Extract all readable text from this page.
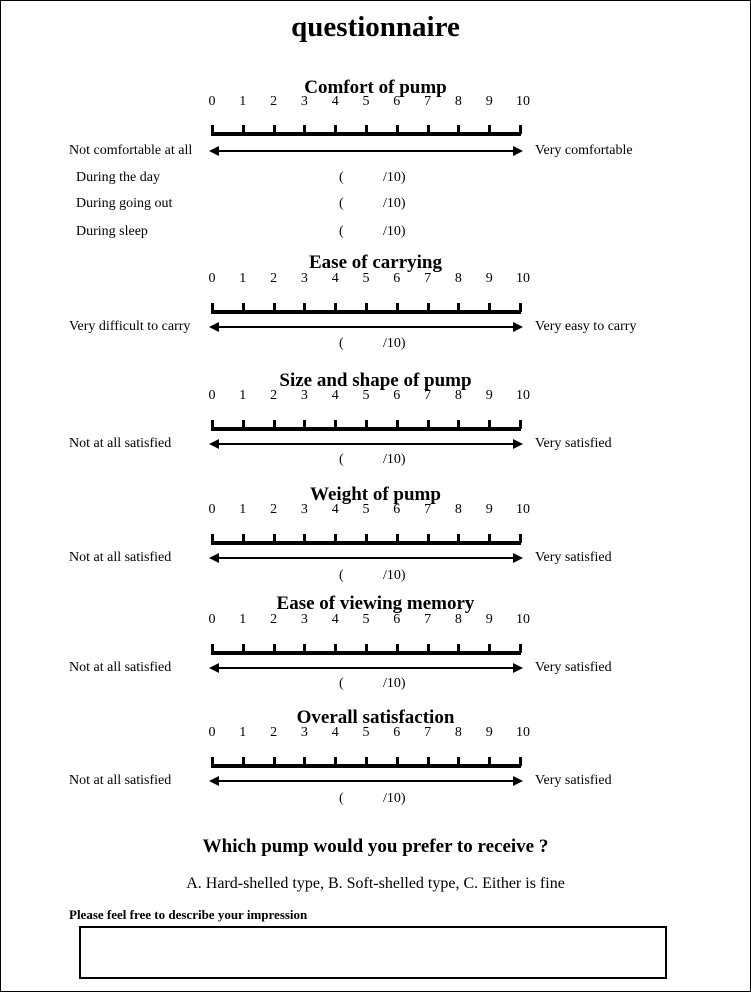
questionnaire
Comfort of pump
0	1	2	3	4	5	6	7	8	9	10
Not comfortable at all	Very comfortable
During the day	(	/10)
During going out	(	/10)
During sleep	(	/10)
Ease of carrying
0	1	2	3	4	5	6	7	8	9	10
Very difficult to carry	Very easy to carry
(	/10)
Size and shape of pump
0	1	2	3	4	5	6	7	8	9	10
Not at all satisfied	Very satisfied
(	/10)
Weight of pump
0	1	2	3	4	5	6	7	8	9	10
Not at all satisfied	Very satisfied
(	/10)
Ease of viewing memory
0	1	2	3	4	5	6	7	8	9	10
Not at all satisfied	Very satisfied
(	/10)
Overall satisfaction
0	1	2	3	4	5	6	7	8	9	10
Not at all satisfied	Very satisfied
(	/10)
Which pump would you prefer to receive ?
A. Hard-shelled type, B. Soft-shelled type, C. Either is fine
Please feel free to describe your impression
